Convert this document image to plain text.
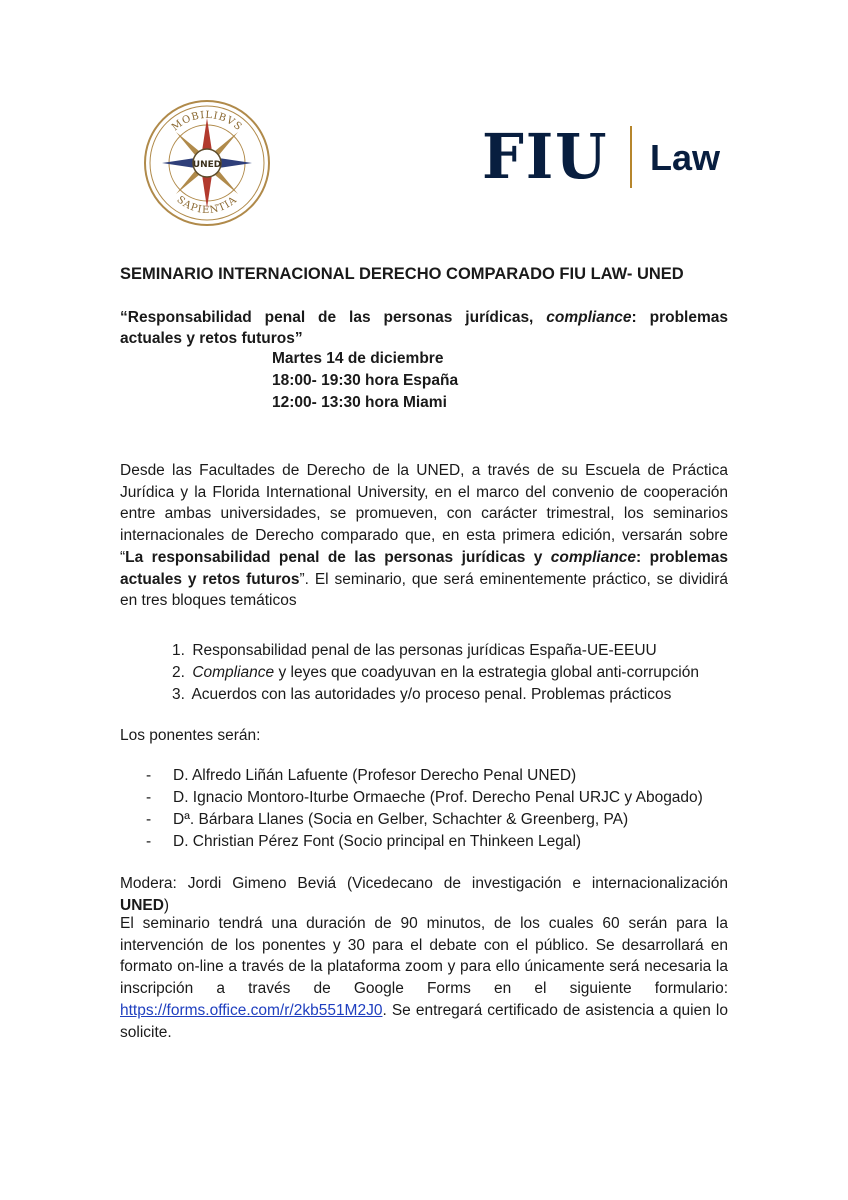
MOBILIBVS
SAPIENTIA
UNED	FIU Law
SEMINARIO INTERNACIONAL DERECHO COMPARADO FIU LAW- UNED
“Responsabilidad penal de las personas jurídicas, compliance: problemas actuales y retos futuros”
Martes 14 de diciembre
18:00- 19:30 hora España
12:00- 13:30 hora Miami
Desde las Facultades de Derecho de la UNED, a través de su Escuela de Práctica Jurídica y la Florida International University, en el marco del convenio de cooperación entre ambas universidades, se promueven, con carácter trimestral, los seminarios internacionales de Derecho comparado que, en esta primera edición, versarán sobre “La responsabilidad penal de las personas jurídicas y compliance: problemas actuales y retos futuros”. El seminario, que será eminentemente práctico, se dividirá en tres bloques temáticos
1. Responsabilidad penal de las personas jurídicas España-UE-EEUU
2. Compliance y leyes que coadyuvan en la estrategia global anti-corrupción
3. Acuerdos con las autoridades y/o proceso penal. Problemas prácticos
Los ponentes serán:
- D. Alfredo Liñán Lafuente (Profesor Derecho Penal UNED)
- D. Ignacio Montoro-Iturbe Ormaeche (Prof. Derecho Penal URJC y Abogado)
- Dª. Bárbara Llanes (Socia en Gelber, Schachter & Greenberg, PA)
- D. Christian Pérez Font (Socio principal en Thinkeen Legal)
Modera: Jordi Gimeno Beviá (Vicedecano de investigación e internacionalización UNED)
El seminario tendrá una duración de 90 minutos, de los cuales 60 serán para la intervención de los ponentes y 30 para el debate con el público. Se desarrollará en formato on-line a través de la plataforma zoom y para ello únicamente será necesaria la inscripción a través de Google Forms en el siguiente formulario: https://forms.office.com/r/2kb551M2J0. Se entregará certificado de asistencia a quien lo solicite.
